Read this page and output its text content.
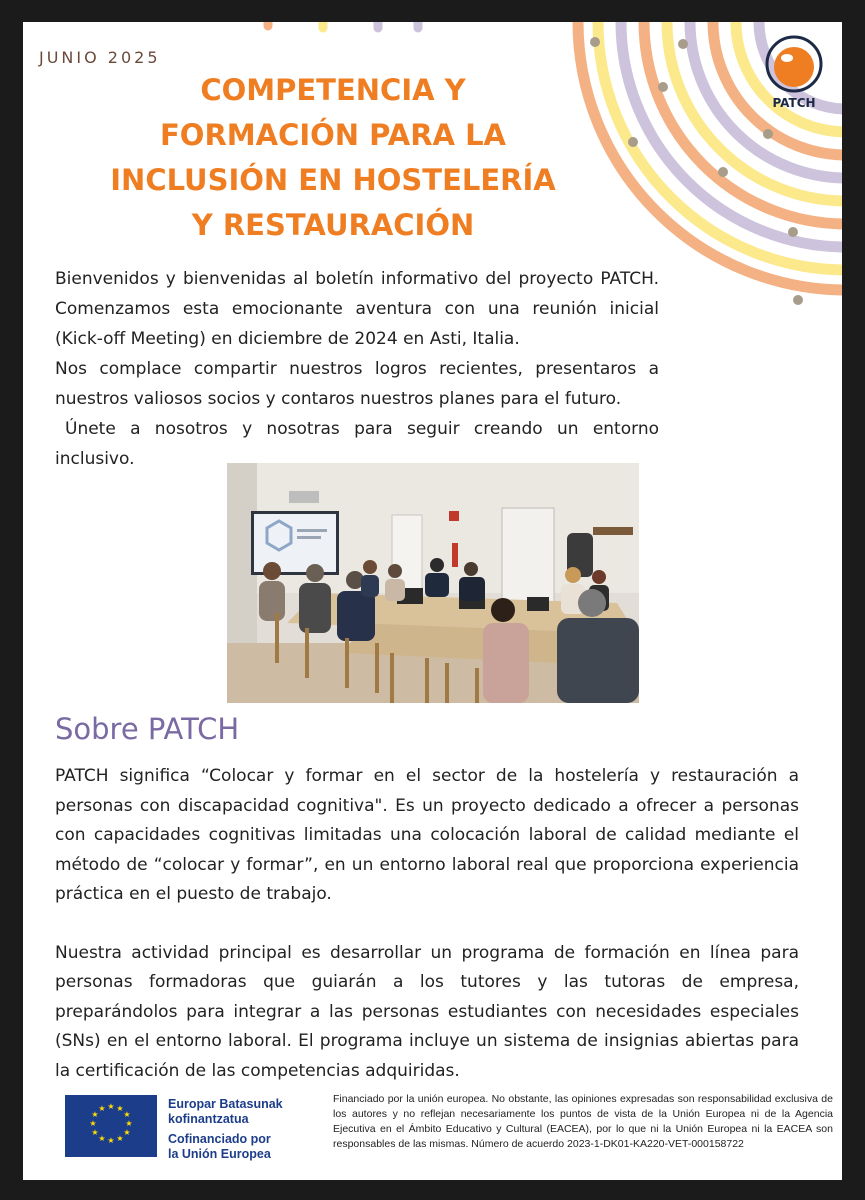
JUNIO 2025
COMPETENCIA Y
FORMACIÓN PARA LA
INCLUSIÓN EN HOSTELERÍA
Y RESTAURACIÓN
PATCH

Bienvenidos y bienvenidas al boletín informativo del proyecto PATCH. Comenzamos esta emocionante aventura con una reunión inicial (Kick-off Meeting) en diciembre de 2024 en Asti, Italia.

Nos complace compartir nuestros logros recientes, presentaros a nuestros valiosos socios y contaros nuestros planes para el futuro.

Únete a nosotros y nosotras para seguir creando un entorno inclusivo.

Sobre PATCH

PATCH significa “Colocar y formar en el sector de la hostelería y restauración a personas con discapacidad cognitiva". Es un proyecto dedicado a ofrecer a personas con capacidades cognitivas limitadas una colocación laboral de calidad mediante el método de “colocar y formar”, en un entorno laboral real que proporciona experiencia práctica en el puesto de trabajo.

Nuestra actividad principal es desarrollar un programa de formación en línea para personas formadoras que guiarán a los tutores y las tutoras de empresa, preparándolos para integrar a las personas estudiantes con necesidades especiales (SNs) en el entorno laboral. El programa incluye un sistema de insignias abiertas para la certificación de las competencias adquiridas.

★ ★
★
★
★
★
★
★
★
★
★
★	Europar Batasunak
kofinantzatua
Cofinanciado por
la Unión Europea
Financiado por la unión europea. No obstante, las opiniones expresadas son responsabilidad exclusiva de los autores y no reflejan necesariamente los puntos de vista de la Unión Europea ni de la Agencia Ejecutiva en el Ámbito Educativo y Cultural (EACEA), por lo que ni la Unión Europea ni la EACEA son responsables de las mismas. Número de acuerdo 2023-1-DK01-KA220-VET-000158722
